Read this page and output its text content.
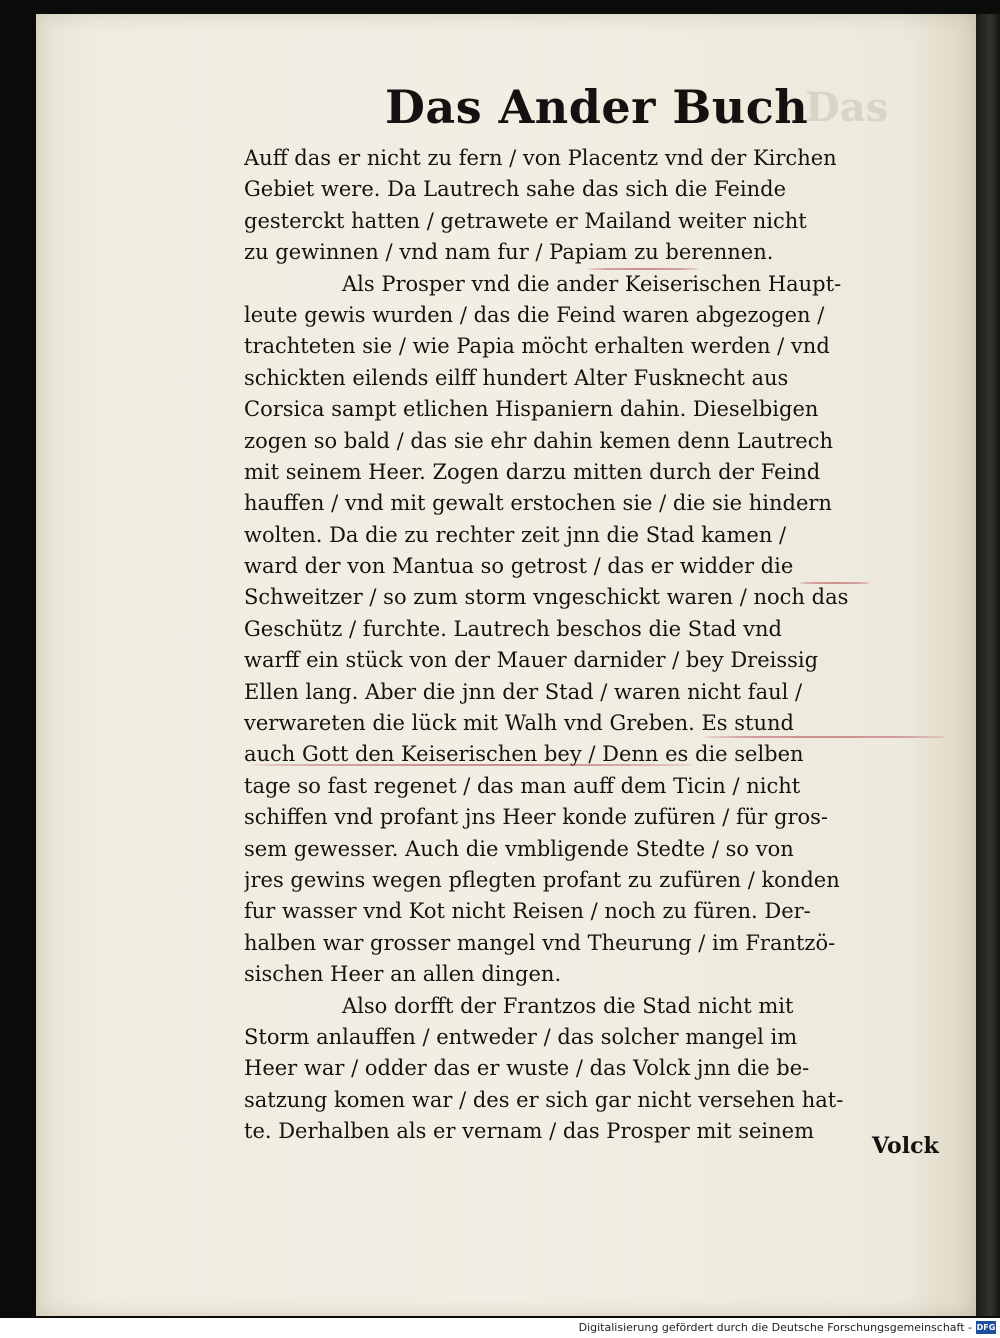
Das
Das Ander Buch
Auff das er nicht zu fern / von Placentz vnd der Kirchen
Gebiet were. Da Lautrech sahe das sich die Feinde
gesterckt hatten / getrawete er Mailand weiter nicht
zu gewinnen / vnd nam fur / Papiam zu berennen.
Als Prosper vnd die ander Keiserischen Haupt-
leute gewis wurden / das die Feind waren abgezogen /
trachteten sie / wie Papia möcht erhalten werden / vnd
schickten eilends eilff hundert Alter Fusknecht aus
Corsica sampt etlichen Hispaniern dahin. Dieselbigen
zogen so bald / das sie ehr dahin kemen denn Lautrech
mit seinem Heer. Zogen darzu mitten durch der Feind
hauffen / vnd mit gewalt erstochen sie / die sie hindern
wolten. Da die zu rechter zeit jnn die Stad kamen /
ward der von Mantua so getrost / das er widder die
Schweitzer / so zum storm vngeschickt waren / noch das
Geschütz / furchte. Lautrech beschos die Stad vnd
warff ein stück von der Mauer darnider / bey Dreissig
Ellen lang. Aber die jnn der Stad / waren nicht faul /
verwareten die lück mit Walh vnd Greben. Es stund
auch Gott den Keiserischen bey / Denn es die selben
tage so fast regenet / das man auff dem Ticin / nicht
schiffen vnd profant jns Heer konde zufüren / für gros-
sem gewesser. Auch die vmbligende Stedte / so von
jres gewins wegen pflegten profant zu zufüren / konden
fur wasser vnd Kot nicht Reisen / noch zu füren. Der-
halben war grosser mangel vnd Theurung / im Frantzö-
sischen Heer an allen dingen.
Also dorfft der Frantzos die Stad nicht mit
Storm anlauffen / entweder / das solcher mangel im
Heer war / odder das er wuste / das Volck jnn die be-
satzung komen war / des er sich gar nicht versehen hat-
te. Derhalben als er vernam / das Prosper mit seinem
Volck
Digitalisierung gefördert durch die Deutsche Forschungsgemeinschaft - DFG
